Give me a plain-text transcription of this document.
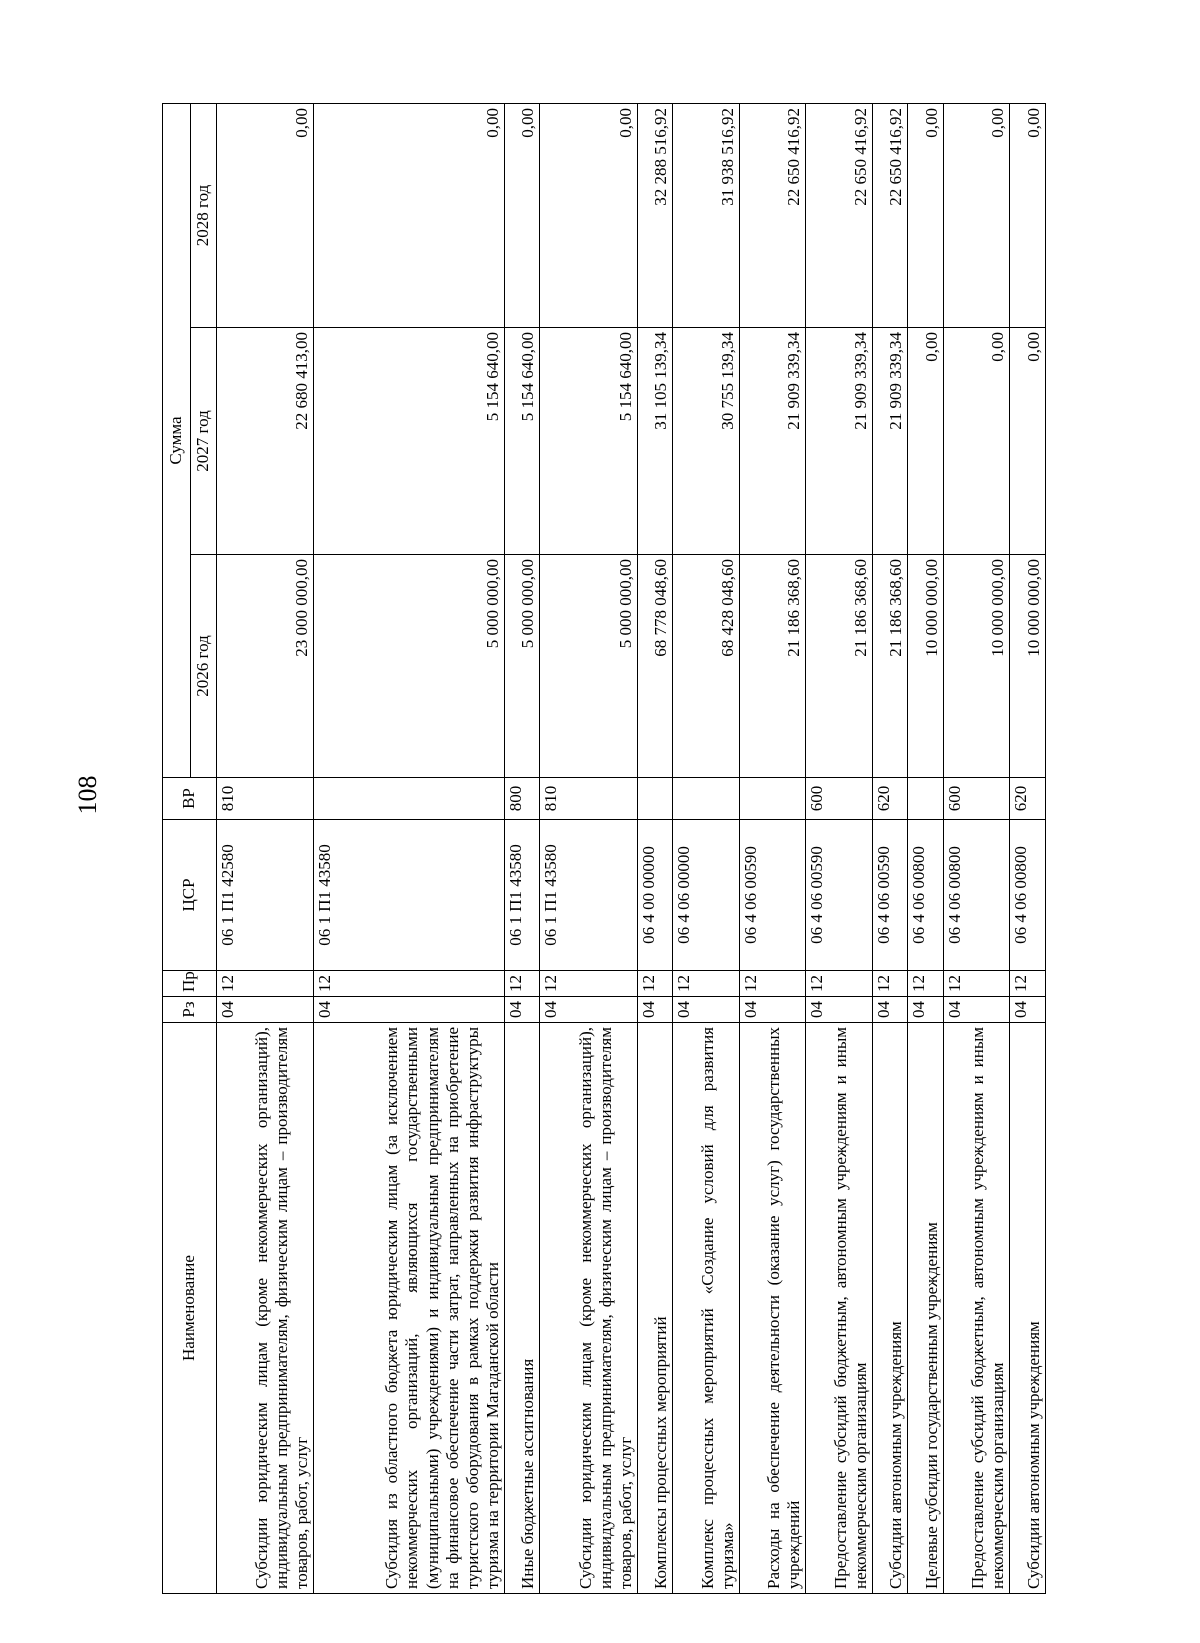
108
Наименование	Рз	Пр	ЦСР	ВР	Сумма		
					2026 год	2027 год	2028 год
Субсидии юридическим лицам (кроме некоммерческих организаций), индивидуальным предпринимателям, физическим лицам – производителям товаров, работ, услуг	04	12	06 1 П1 42580	810	23 000 000,00	22 680 413,00	0,00
Субсидия из областного бюджета юридическим лицам (за исключением некоммерческих организаций, являющихся государственными (муниципальными) учреждениями) и индивидуальным предпринимателям на финансовое обеспечение части затрат, направленных на приобретение туристского оборудования в рамках поддержки развития инфраструктуры туризма на территории Магаданской области	04	12	06 1 П1 43580		5 000 000,00	5 154 640,00	0,00
Иные бюджетные ассигнования	04	12	06 1 П1 43580	800	5 000 000,00	5 154 640,00	0,00
Субсидии юридическим лицам (кроме некоммерческих организаций), индивидуальным предпринимателям, физическим лицам – производителям товаров, работ, услуг	04	12	06 1 П1 43580	810	5 000 000,00	5 154 640,00	0,00
Комплексы процессных мероприятий	04	12	06 4 00 00000		68 778 048,60	31 105 139,34	32 288 516,92
Комплекс процессных мероприятий «Создание условий для развития туризма»	04	12	06 4 06 00000		68 428 048,60	30 755 139,34	31 938 516,92
Расходы на обеспечение деятельности (оказание услуг) государственных учреждений	04	12	06 4 06 00590		21 186 368,60	21 909 339,34	22 650 416,92
Предоставление субсидий бюджетным, автономным учреждениям и иным некоммерческим организациям	04	12	06 4 06 00590	600	21 186 368,60	21 909 339,34	22 650 416,92
Субсидии автономным учреждениям	04	12	06 4 06 00590	620	21 186 368,60	21 909 339,34	22 650 416,92
Целевые субсидии государственным учреждениям	04	12	06 4 06 00800		10 000 000,00	0,00	0,00
Предоставление субсидий бюджетным, автономным учреждениям и иным некоммерческим организациям	04	12	06 4 06 00800	600	10 000 000,00	0,00	0,00
Субсидии автономным учреждениям	04	12	06 4 06 00800	620	10 000 000,00	0,00	0,00
